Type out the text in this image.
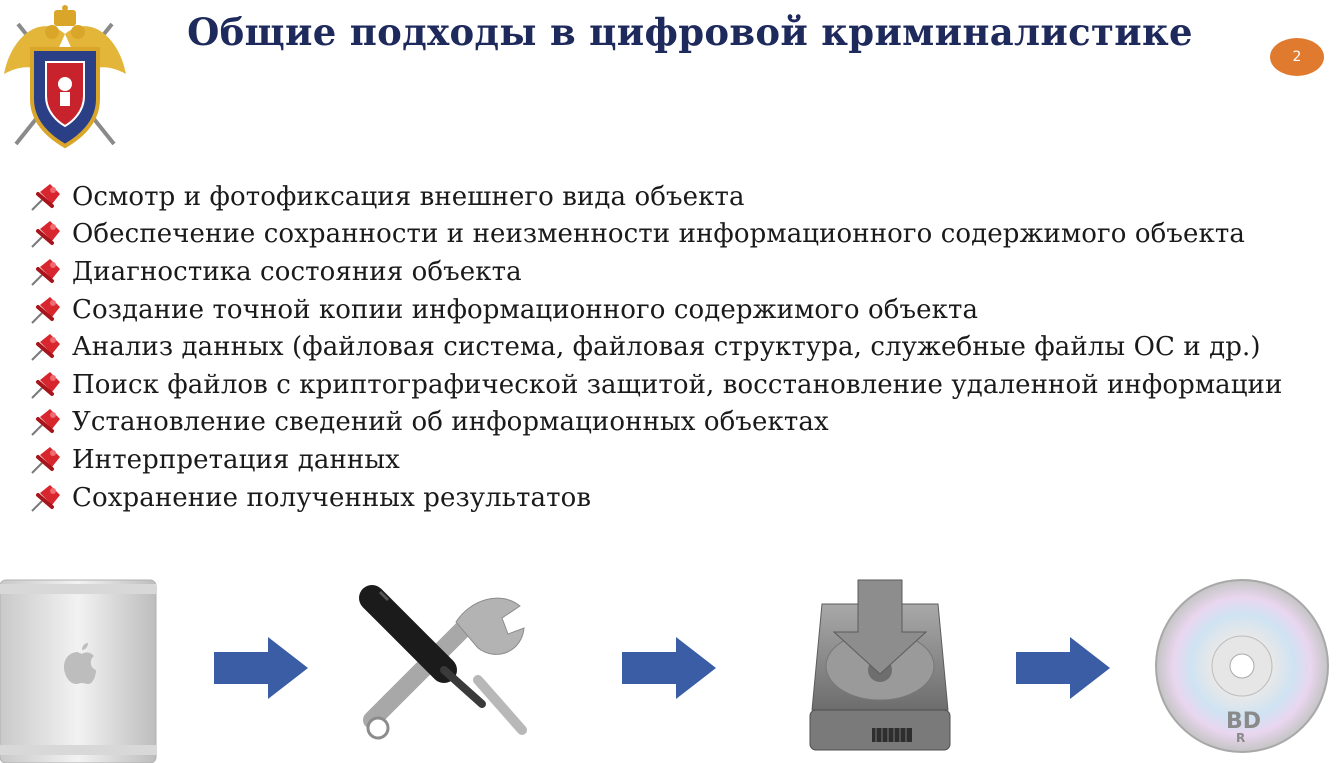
Общие подходы в цифровой криминалистике
2
Осмотр и фотофиксация внешнего вида объекта
Обеспечение сохранности и неизменности информационного содержимого объекта
Диагностика состояния объекта
Создание точной копии информационного содержимого объекта
Анализ данных (файловая система, файловая структура, служебные файлы ОС и др.)
Поиск файлов с криптографической защитой, восстановление удаленной информации
Установление сведений об информационных объектах
Интерпретация данных
Сохранение полученных результатов
BD
R
